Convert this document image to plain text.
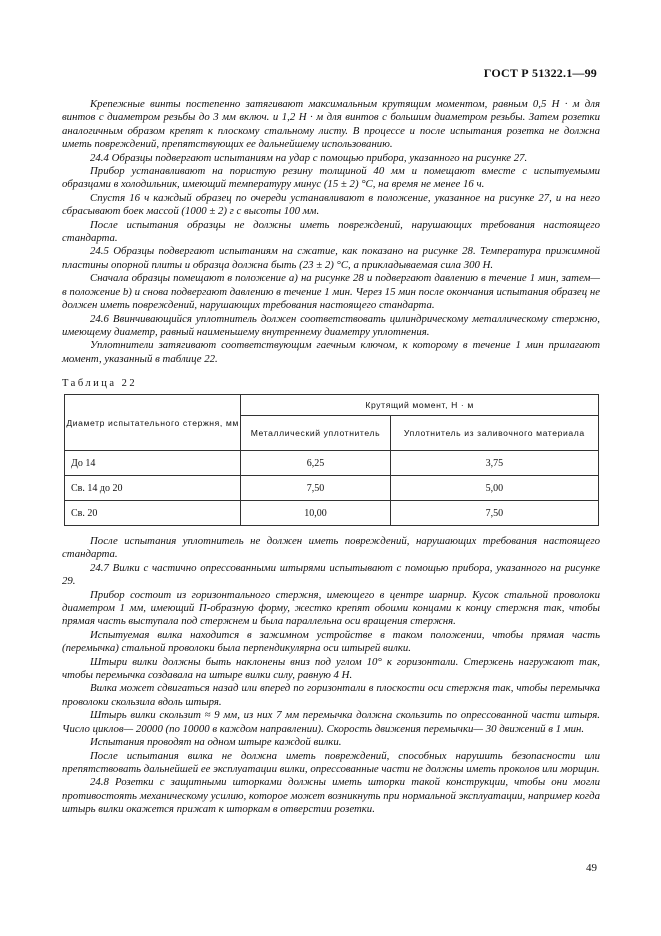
ГОСТ Р 51322.1—99

Крепежные винты постепенно затягивают максимальным крутящим моментом, равным 0,5 Н · м для винтов с диаметром резьбы до 3 мм включ. и 1,2 Н · м для винтов с большим диаметром резьбы. Затем розетки аналогичным образом крепят к плоскому стальному листу. В процессе и после испытания розетка не должна иметь повреждений, препятствующих ее дальнейшему использованию.

24.4 Образцы подвергают испытаниям на удар с помощью прибора, указанного на рисунке 27.

Прибор устанавливают на пористую резину толщиной 40 мм и помещают вместе с испытуемыми образцами в холодильник, имеющий температуру минус (15 ± 2) °С, на время не менее 16 ч.

Спустя 16 ч каждый образец по очереди устанавливают в положение, указанное на рисунке 27, и на него сбрасывают боек массой (1000 ± 2) г с высоты 100 мм.

После испытания образцы не должны иметь повреждений, нарушающих требования настоящего стандарта.

24.5 Образцы подвергают испытаниям на сжатие, как показано на рисунке 28. Температура прижимной пластины опорной плиты и образца должна быть (23 ± 2) °С, а прикладываемая сила 300 Н.

Сначала образцы помещают в положение а) на рисунке 28 и подвергают давлению в течение 1 мин, затем— в положение b) и снова подвергают давлению в течение 1 мин. Через 15 мин после окончания испытания образец не должен иметь повреждений, нарушающих требования настоящего стандарта.

24.6 Ввинчивающийся уплотнитель должен соответствовать цилиндрическому металлическому стержню, имеющему диаметр, равный наименьшему внутреннему диаметру уплотнения.

Уплотнители затягивают соответствующим гаечным ключом, к которому в течение 1 мин прилагают момент, указанный в таблице 22.

Таблица 22
Диаметр испытательного стержня, мм	Крутящий момент, Н · м	
	Металлический уплотнитель	Уплотнитель из заливочного материала
До 14	6,25	3,75
Св. 14 до 20	7,50	5,00
Св. 20	10,00	7,50

После испытания уплотнитель не должен иметь повреждений, нарушающих требования настоящего стандарта.

24.7 Вилки с частично опрессованными штырями испытывают с помощью прибора, указанного на рисунке 29.

Прибор состоит из горизонтального стержня, имеющего в центре шарнир. Кусок стальной проволоки диаметром 1 мм, имеющий П-образную форму, жестко крепят обоими концами к концу стержня так, чтобы прямая часть выступала под стержнем и была параллельна оси вращения стержня.

Испытуемая вилка находится в зажимном устройстве в таком положении, чтобы прямая часть (перемычка) стальной проволоки была перпендикулярна оси штырей вилки.

Штыри вилки должны быть наклонены вниз под углом 10° к горизонтали. Стержень нагружают так, чтобы перемычка создавала на штыре вилки силу, равную 4 Н.

Вилка может сдвигаться назад или вперед по горизонтали в плоскости оси стержня так, чтобы перемычка проволоки скользила вдоль штыря.

Штырь вилки скользит ≈ 9 мм, из них 7 мм перемычка должна скользить по опрессованной части штыря. Число циклов— 20000 (по 10000 в каждом направлении). Скорость движения перемычки— 30 движений в 1 мин.

Испытания проводят на одном штыре каждой вилки.

После испытания вилка не должна иметь повреждений, способных нарушить безопасности или препятствовать дальнейшей ее эксплуатации вилки, опрессованные части не должны иметь проколов или морщин.

24.8 Розетки с защитными шторками должны иметь шторки такой конструкции, чтобы они могли противостоять механическому усилию, которое может возникнуть при нормальной эксплуатации, например когда штырь вилки окажется прижат к шторкам в отверстии розетки.

49
